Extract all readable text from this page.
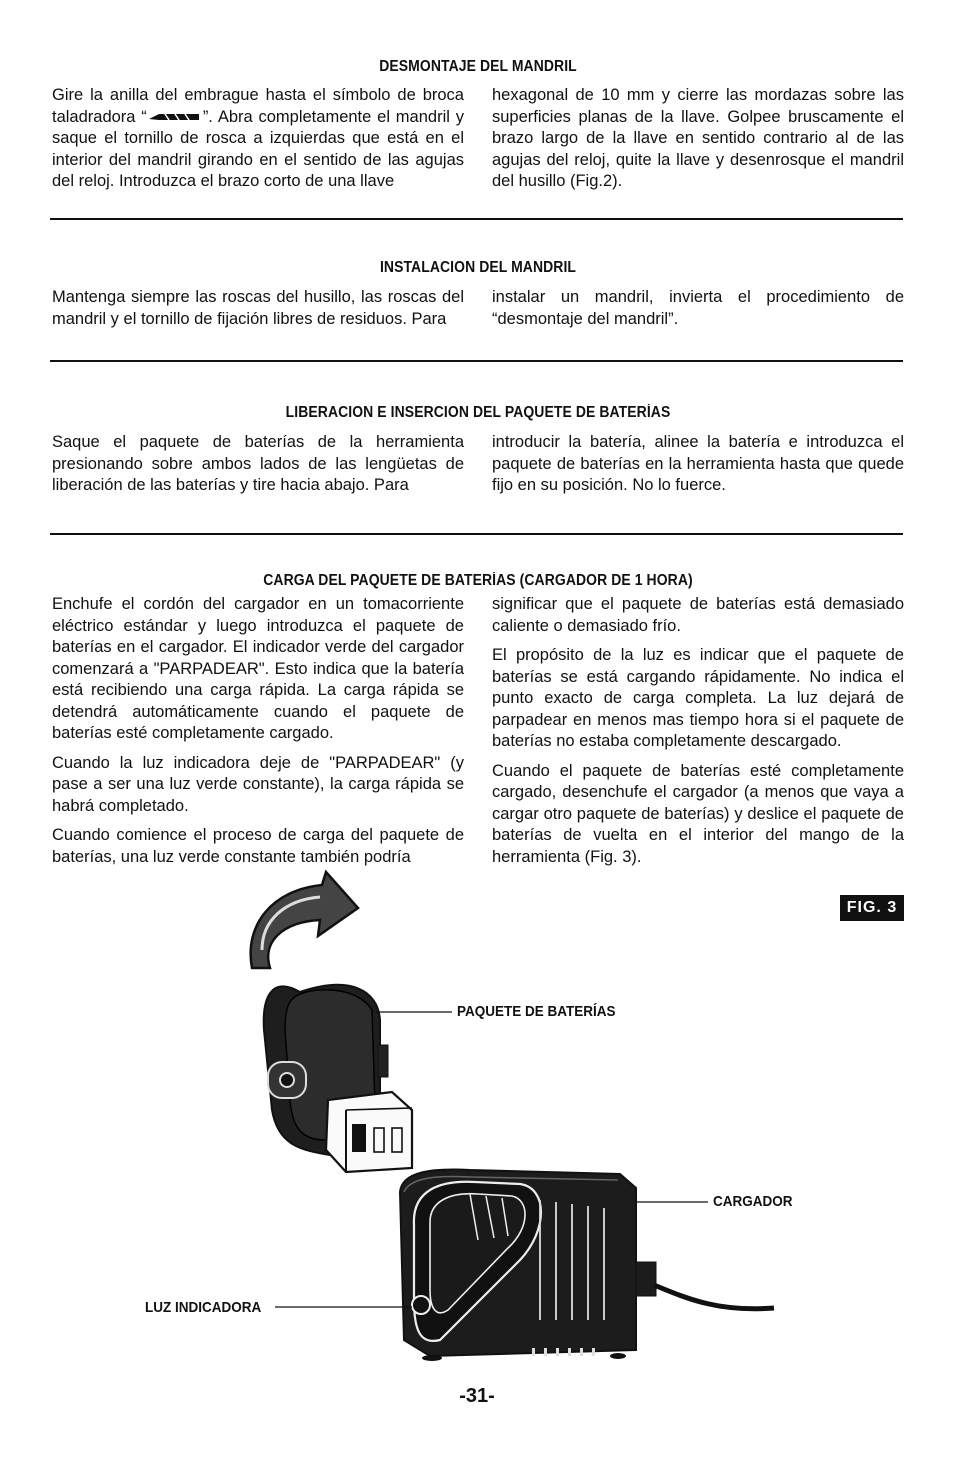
DESMONTAJE DEL MANDRIL
Gire la anilla del embrague hasta el símbolo de broca taladradora “	”. Abra completamente el mandril y saque el tornillo de rosca a izquierdas que está en el interior del mandril girando en el sentido de las agujas del reloj. Introduzca el brazo corto de una llave
hexagonal de 10 mm y cierre las mordazas sobre las superficies planas de la llave. Golpee bruscamente el brazo largo de la llave en sentido contrario al de las agujas del reloj, quite la llave y desenrosque el mandril del husillo (Fig.2).
INSTALACION DEL MANDRIL
Mantenga siempre las roscas del husillo, las roscas del mandril y el tornillo de fijación libres de residuos. Para
instalar un mandril, invierta el procedimiento de “desmontaje del mandril”.
LIBERACION E INSERCION DEL PAQUETE DE BATERÍAS
Saque el paquete de baterías de la herramienta presionando sobre ambos lados de las lengüetas de liberación de las baterías y tire hacia abajo. Para
introducir la batería, alinee la batería e introduzca el paquete de baterías en la herramienta hasta que quede fijo en su posición. No lo fuerce.
CARGA DEL PAQUETE DE BATERÍAS (CARGADOR DE 1 HORA)

Enchufe el cordón del cargador en un tomacorriente eléctrico estándar y luego introduzca el paquete de baterías en el cargador. El indicador verde del cargador comenzará a "PARPADEAR". Esto indica que la batería está recibiendo una carga rápida. La carga rápida se detendrá automáticamente cuando el paquete de baterías esté completamente cargado.

Cuando la luz indicadora deje de "PARPADEAR" (y pase a ser una luz verde constante), la carga rápida se habrá completado.

Cuando comience el proceso de carga del paquete de baterías, una luz verde constante también podría

significar que el paquete de baterías está demasiado caliente o demasiado frío.

El propósito de la luz es indicar que el paquete de baterías se está cargando rápidamente. No indica el punto exacto de carga completa. La luz dejará de parpadear en menos mas tiempo hora si el paquete de baterías no estaba completamente descargado.

Cuando el paquete de baterías esté completamente cargado, desenchufe el cargador (a menos que vaya a cargar otro paquete de baterías) y deslice el paquete de baterías de vuelta en el interior del mango de la herramienta (Fig. 3).

FIG. 3
PAQUETE DE BATERÍAS
CARGADOR
LUZ INDICADORA
-31-
